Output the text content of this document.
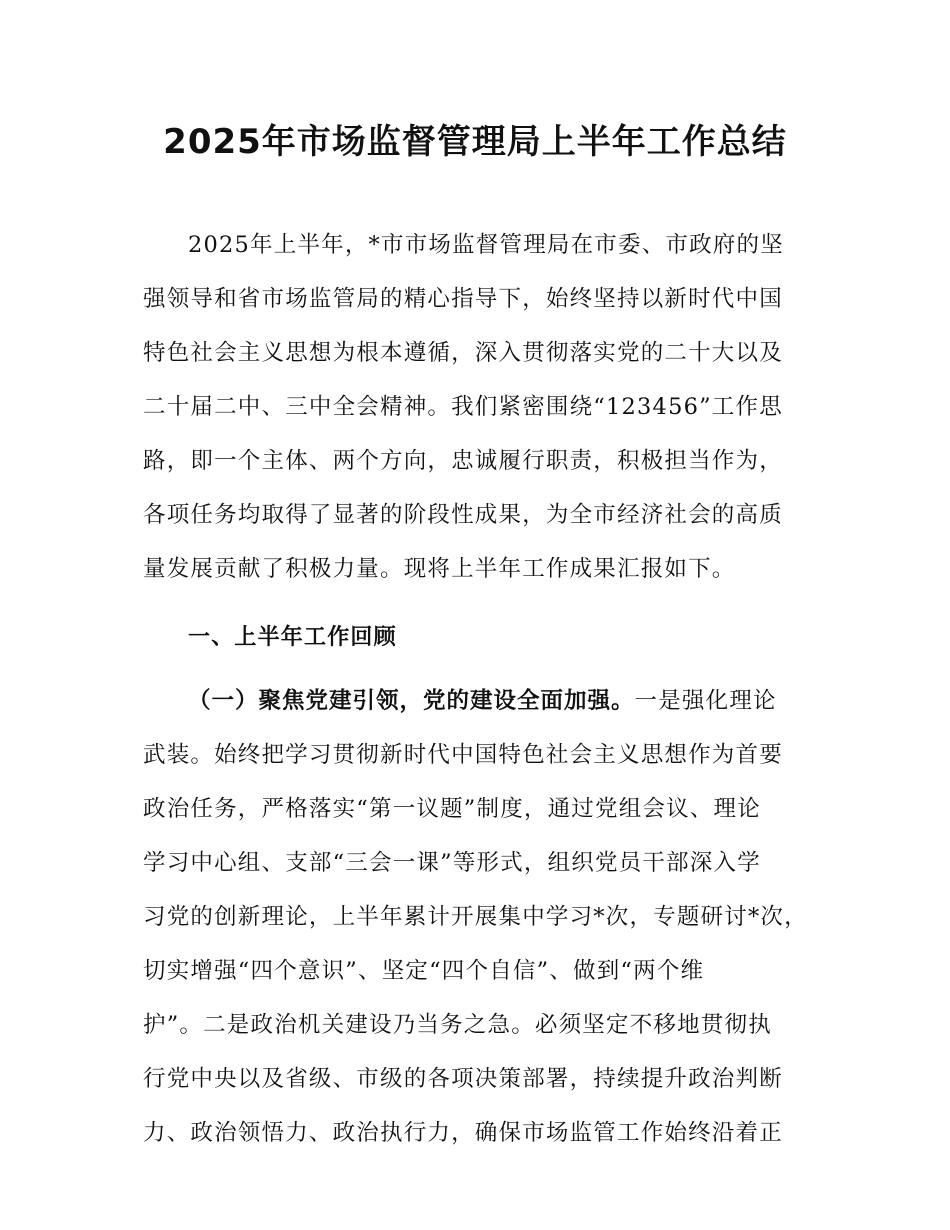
2025年市场监督管理局上半年工作总结
2025年上半年，*市市场监督管理局在市委、市政府的坚
强领导和省市场监管局的精心指导下，始终坚持以新时代中国
特色社会主义思想为根本遵循，深入贯彻落实党的二十大以及
二十届二中、三中全会精神。我们紧密围绕“123456”工作思
路，即一个主体、两个方向，忠诚履行职责，积极担当作为，
各项任务均取得了显著的阶段性成果，为全市经济社会的高质
量发展贡献了积极力量。现将上半年工作成果汇报如下。
一、上半年工作回顾
（一）聚焦党建引领，党的建设全面加强。一是强化理论
武装。始终把学习贯彻新时代中国特色社会主义思想作为首要
政治任务，严格落实“第一议题”制度，通过党组会议、理论
学习中心组、支部“三会一课”等形式，组织党员干部深入学
习党的创新理论，上半年累计开展集中学习*次，专题研讨*次，
切实增强“四个意识”、坚定“四个自信”、做到“两个维
护”。二是政治机关建设乃当务之急。必须坚定不移地贯彻执
行党中央以及省级、市级的各项决策部署，持续提升政治判断
力、政治领悟力、政治执行力，确保市场监管工作始终沿着正
